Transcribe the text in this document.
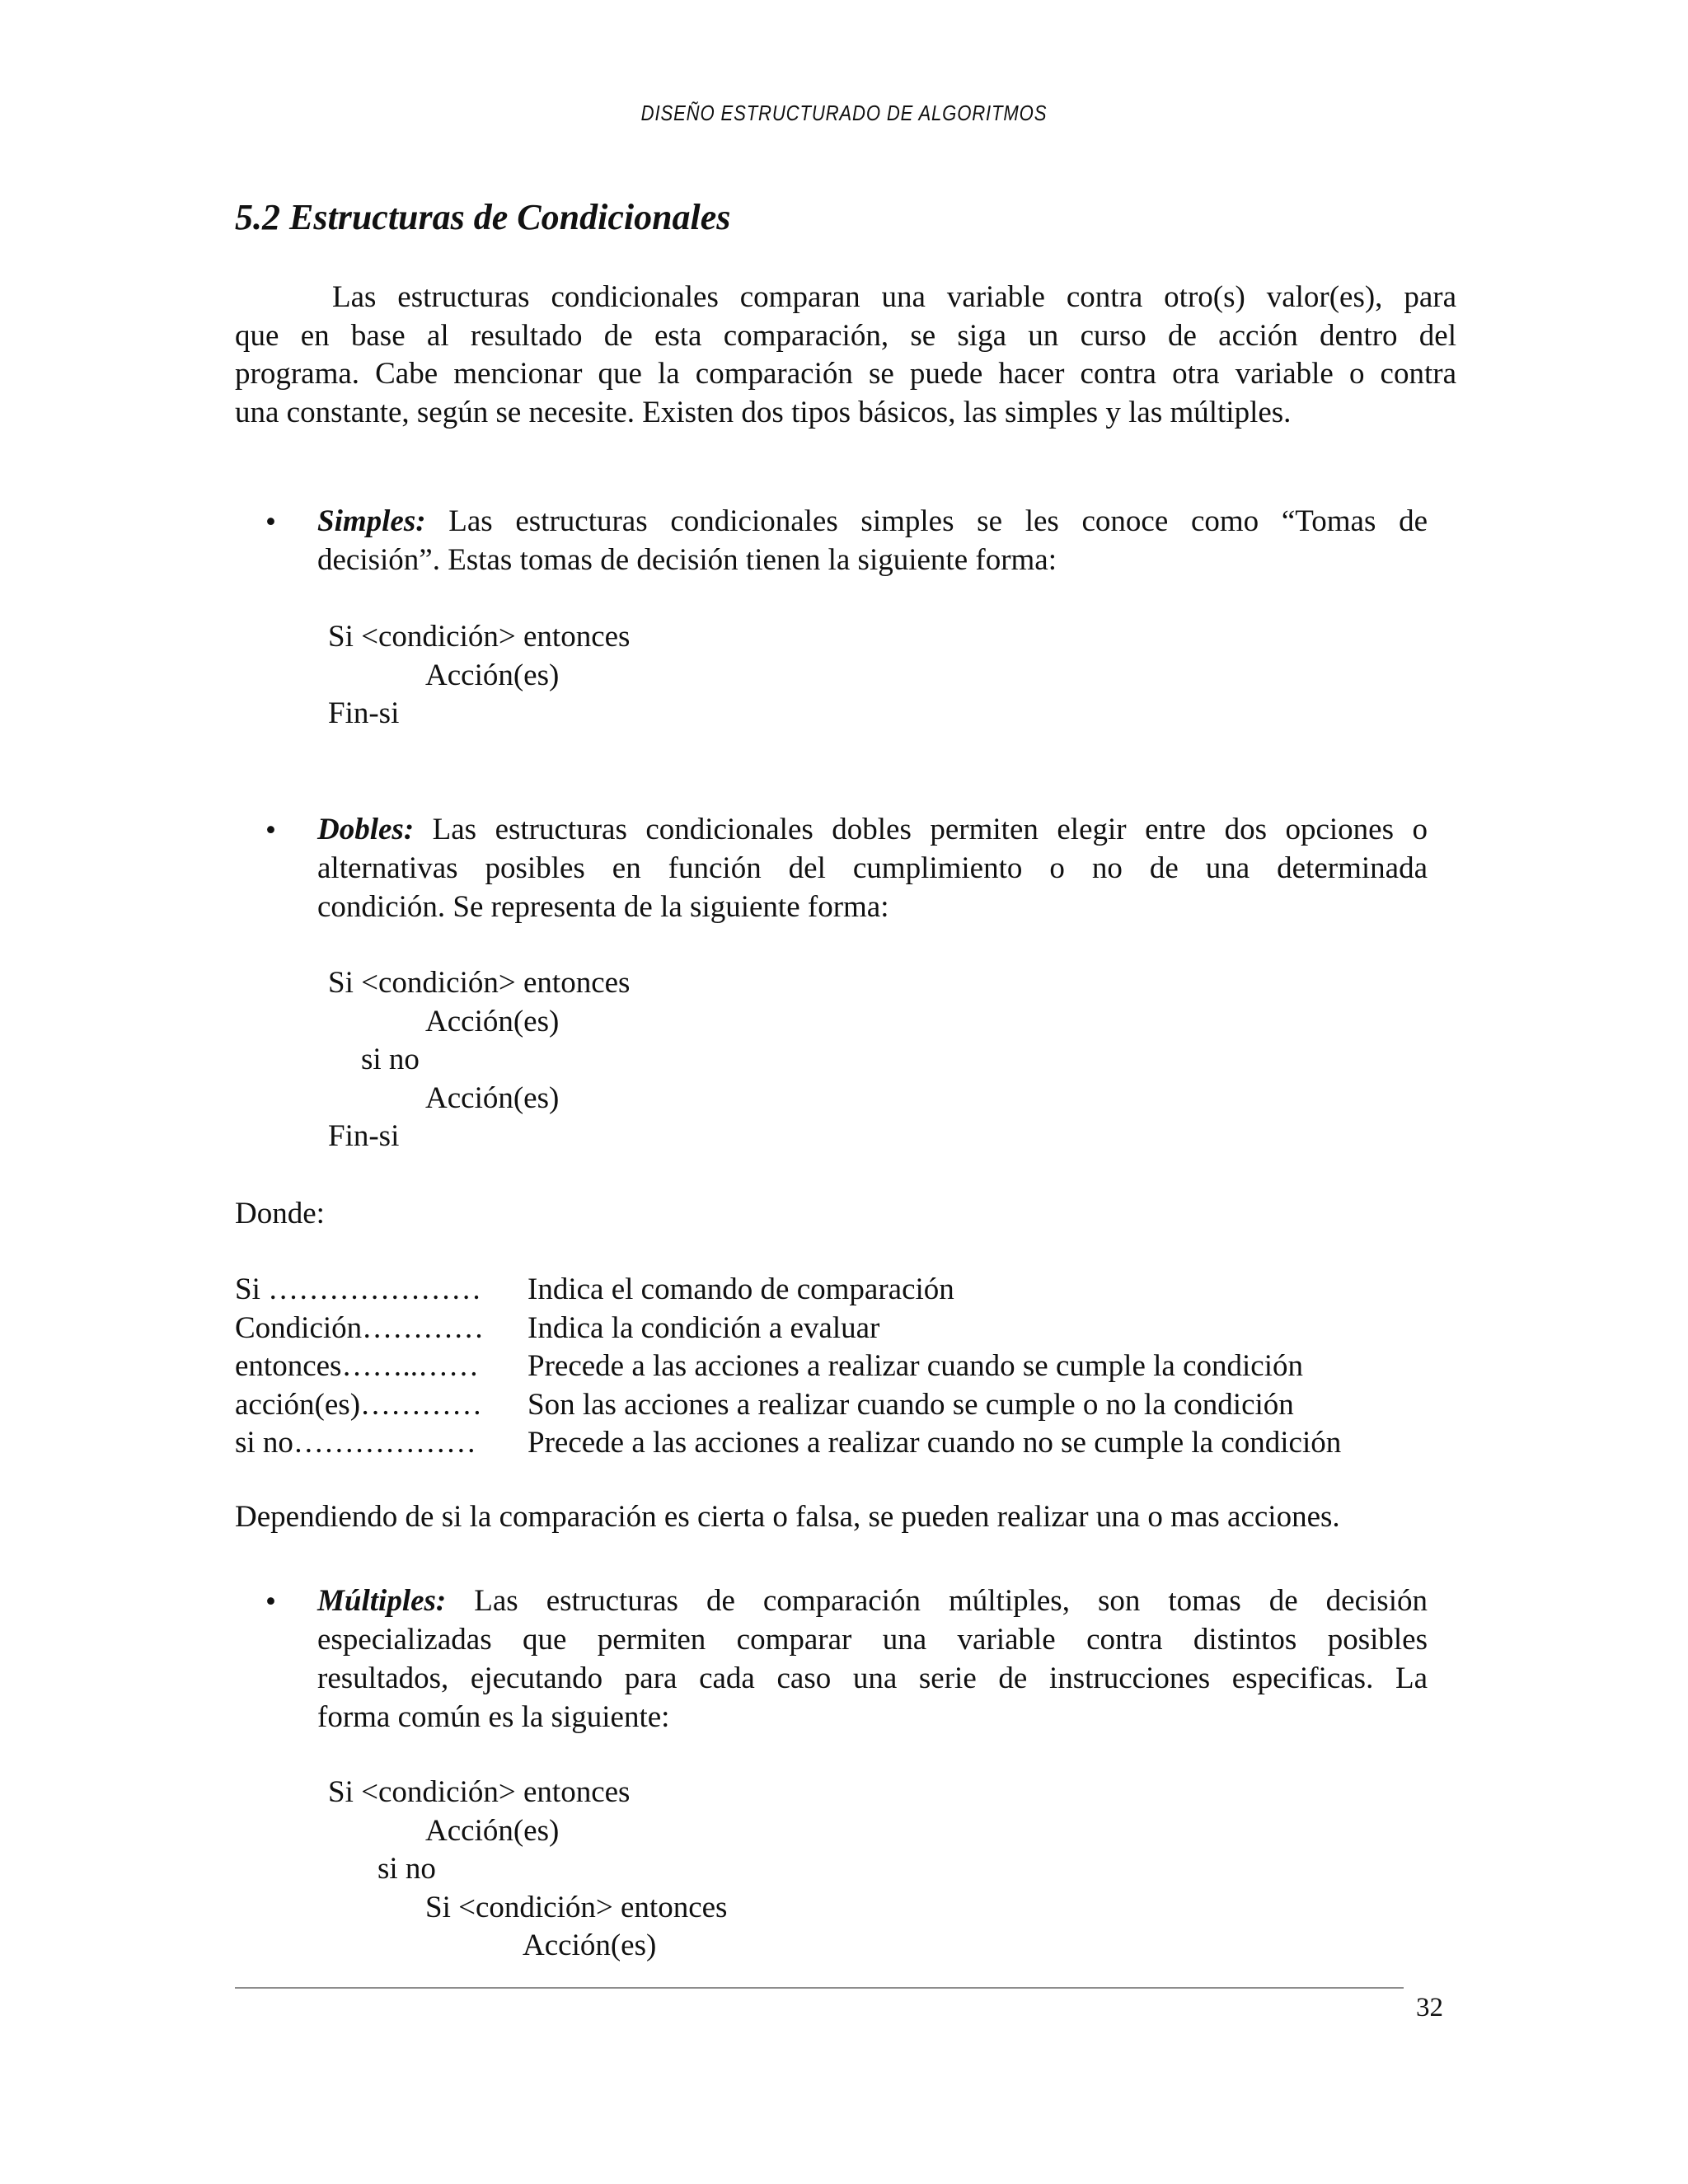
DISEÑO ESTRUCTURADO DE ALGORITMOS
5.2 Estructuras de Condicionales
Las estructuras condicionales comparan una variable contra otro(s) valor(es), para
que en base al resultado de esta comparación, se siga un curso de acción dentro del
programa. Cabe mencionar que la comparación se puede hacer contra otra variable o contra
una constante, según se necesite. Existen dos tipos básicos, las simples y las múltiples.
• Simples: Las estructuras condicionales simples se les conoce como “Tomas de
decisión”. Estas tomas de decisión tienen la siguiente forma:
Si <condición> entonces
Acción(es)
Fin-si
• Dobles: Las estructuras condicionales dobles permiten elegir entre dos opciones o
alternativas posibles en función del cumplimiento o no de una determinada
condición. Se representa de la siguiente forma:
Si <condición> entonces
Acción(es)
si no
Acción(es)
Fin-si
Donde:
Si ………………… Indica el comando de comparación
Condición………… Indica la condición a evaluar
entonces……..…… Precede a las acciones a realizar cuando se cumple la condición
acción(es)………… Son las acciones a realizar cuando se cumple o no la condición
si no……………… Precede a las acciones a realizar cuando no se cumple la condición
Dependiendo de si la comparación es cierta o falsa, se pueden realizar una o mas acciones.
• Múltiples: Las estructuras de comparación múltiples, son tomas de decisión
especializadas que permiten comparar una variable contra distintos posibles
resultados, ejecutando para cada caso una serie de instrucciones especificas. La
forma común es la siguiente:
Si <condición> entonces
Acción(es)
si no
Si <condición> entonces
Acción(es)
32
